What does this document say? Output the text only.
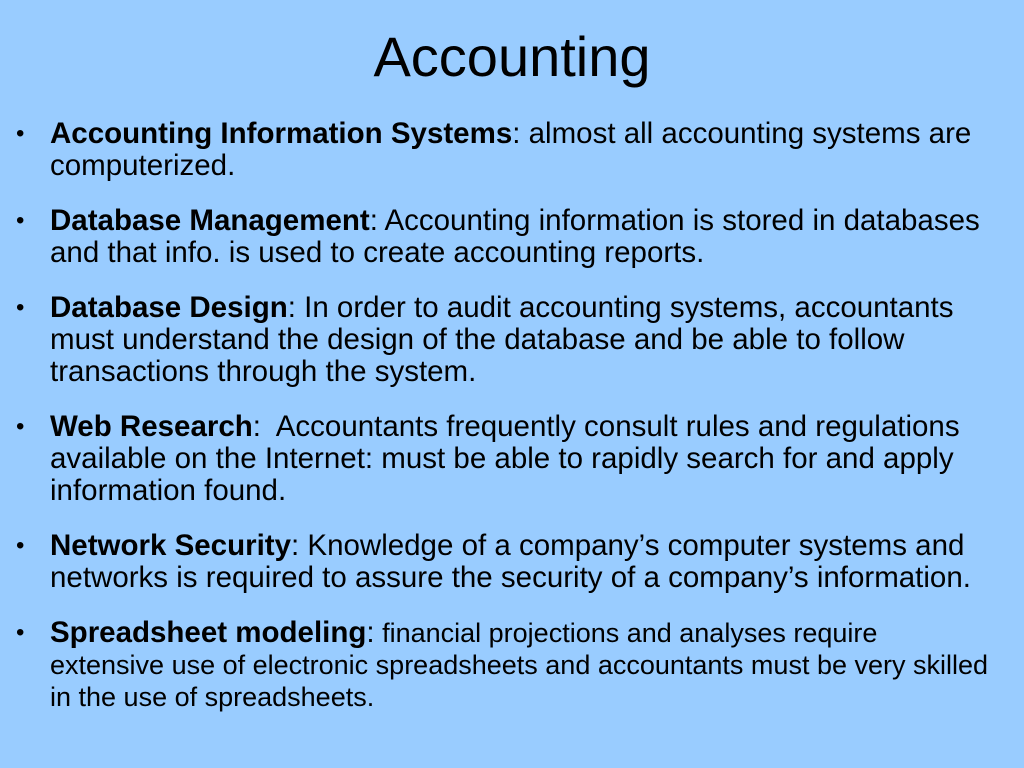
Accounting
• Accounting Information Systems: almost all accounting systems are computerized.
• Database Management: Accounting information is stored in databases and that info. is used to create accounting reports.
• Database Design: In order to audit accounting systems, accountants must understand the design of the database and be able to follow transactions through the system.
• Web Research:  Accountants frequently consult rules and regulations available on the Internet: must be able to rapidly search for and apply information found.
• Network Security: Knowledge of a company’s computer systems and networks is required to assure the security of a company’s information.
• Spreadsheet modeling: financial projections and analyses require extensive use of electronic spreadsheets and accountants must be very skilled in the use of spreadsheets.
